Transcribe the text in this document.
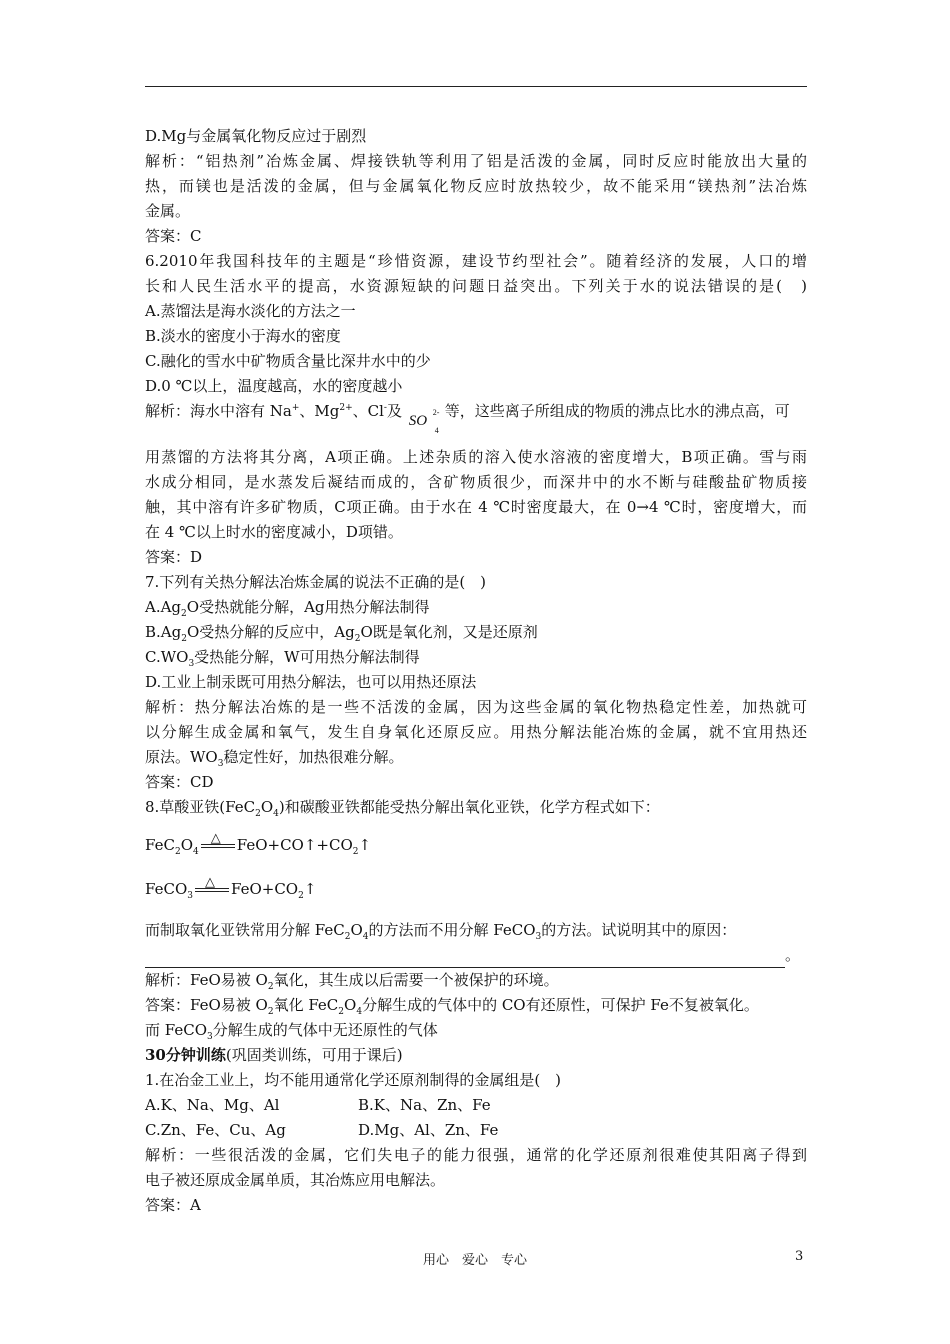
D.Mg与金属氧化物反应过于剧烈
解析：“铝热剂”冶炼金属、焊接铁轨等利用了铝是活泼的金属，同时反应时能放出大量的
热，而镁也是活泼的金属，但与金属氧化物反应时放热较少，故不能采用“镁热剂”法冶炼
金属。
答案：C
6.2010年我国科技年的主题是“珍惜资源，建设节约型社会”。随着经济的发展，人口的增
长和人民生活水平的提高，水资源短缺的问题日益突出。下列关于水的说法错误的是(　)
A.蒸馏法是海水淡化的方法之一
B.淡水的密度小于海水的密度
C.融化的雪水中矿物质含量比深井水中的少
D.0 ℃以上，温度越高，水的密度越小
解析：海水中溶有 Na+、$Mg^{2+}$、Cl-及
SO
2-
4
等，这些离子所组成的物质的沸点比水的沸点高，可
用蒸馏的方法将其分离，A项正确。上述杂质的溶入使水溶液的密度增大，B项正确。雪与雨
水成分相同，是水蒸发后凝结而成的，含矿物质很少，而深井中的水不断与硅酸盐矿物质接
触，其中溶有许多矿物质，C项正确。由于水在 4 ℃时密度最大，在 0→4 ℃时，密度增大，而
在 4 ℃以上时水的密度减小，D项错。
答案：D
7.下列有关热分解法冶炼金属的说法不正确的是(　)
$A.Ag_2O$受热就能分解，Ag用热分解法制得
$B.Ag_2O$受热分解的反应中，$Ag_2O$既是氧化剂，又是还原剂
$C.WO_3$受热能分解，W可用热分解法制得
D.工业上制汞既可用热分解法，也可以用热还原法
解析：热分解法冶炼的是一些不活泼的金属，因为这些金属的氧化物热稳定性差，加热就可
以分解生成金属和氧气，发生自身氧化还原反应。用热分解法能冶炼的金属，就不宜用热还
原法。$WO_3$稳定性好，加热很难分解。
答案：CD
8.草酸亚铁$(FeC_2O_4)$和碳酸亚铁都能受热分解出氧化亚铁，化学方程式如下：
$FeC_2O_4$
△ $FeO+CO↑+CO_2↑$
FeCO$_3$
△ $FeO+CO_2↑$
而制取氧化亚铁常用分解 $FeC_2O_4$的方法而不用分解 FeCO$_3$的方法。试说明其中的原因：
。
解析：FeO易被 $O_2$氧化，其生成以后需要一个被保护的环境。
答案：FeO易被 $O_2$氧化 $FeC_2O_4$分解生成的气体中的 CO有还原性，可保护 Fe不复被氧化。
而 FeCO$_3$分解生成的气体中无还原性的气体
30分钟训练(巩固类训练，可用于课后)
1.在冶金工业上，均不能用通常化学还原剂制得的金属组是(　)
A.K、Na、Mg、Al	B.K、Na、Zn、Fe
C.Zn、Fe、Cu、Ag	D.Mg、Al、Zn、Fe
解析：一些很活泼的金属，它们失电子的能力很强，通常的化学还原剂很难使其阳离子得到
电子被还原成金属单质，其冶炼应用电解法。
答案：A
用心　爱心　专心	3
